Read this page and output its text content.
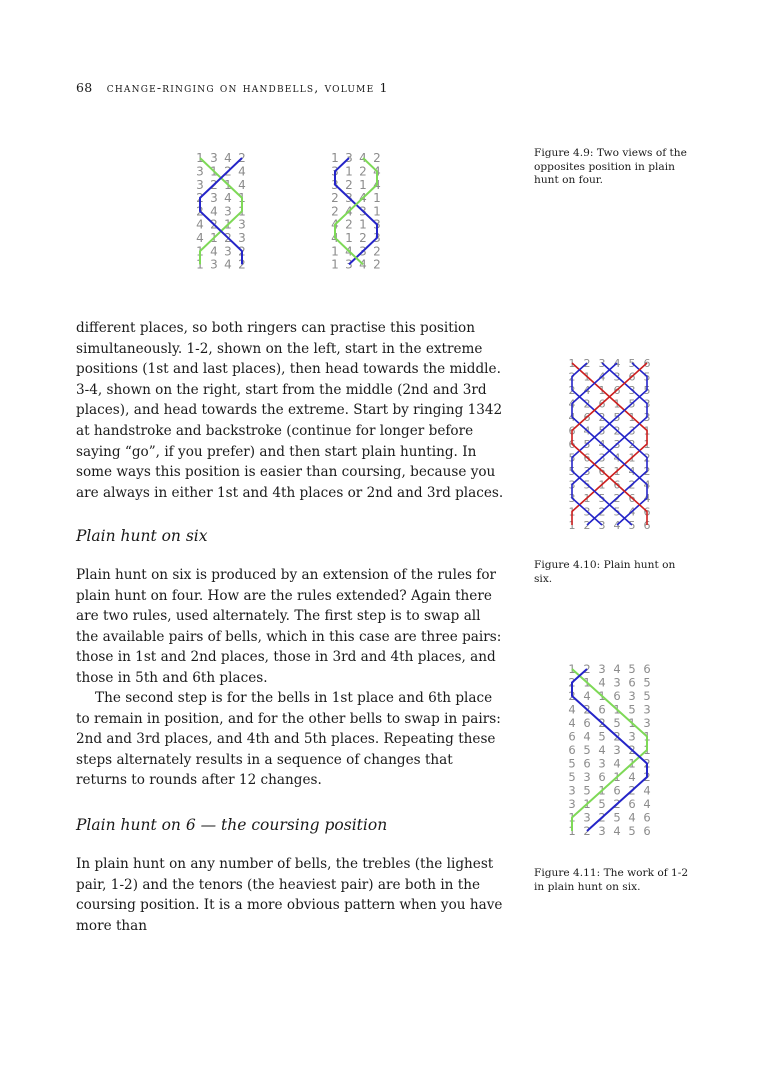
68 change-ringing on handbells, volume 1
1 3 4 2
3 1 2 4
3 2 1 4
2 3 4 1
2 4 3 1
4 2 1 3
4 1 2 3
1 4 3 2
1 3 4 2
1 3 4 2
3 1 2 4
3 2 1 4
2 3 4 1
2 4 3 1
4 2 1 3
4 1 2 3
1 4 3 2
1 3 4 2

Figure 4.9: Two views of the opposites position in plain hunt on four.

1 2 3 4 5 6
2 1 4 3 6 5
2 4 1 6 3 5
4 2 6 1 5 3
4 6 2 5 1 3
6 4 5 2 3 1
6 5 4 3 2 1
5 6 3 4 1 2
5 3 6 1 4 2
3 5 1 6 2 4
3 1 5 2 6 4
1 3 2 5 4 6
1 2 3 4 5 6

Figure 4.10: Plain hunt on six.

1 2 3 4 5 6
2 1 4 3 6 5
2 4 1 6 3 5
4 2 6 1 5 3
4 6 2 5 1 3
6 4 5 2 3 1
6 5 4 3 2 1
5 6 3 4 1 2
5 3 6 1 4 2
3 5 1 6 2 4
3 1 5 2 6 4
1 3 2 5 4 6
1 2 3 4 5 6

Figure 4.11: The work of 1-2 in plain hunt on six.

different places, so both ringers can practise this position simultaneously. 1-2, shown on the left, start in the extreme positions (1st and last places), then head towards the middle. 3-4, shown on the right, start from the middle (2nd and 3rd places), and head towards the extreme. Start by ringing 1342 at handstroke and backstroke (continue for longer before saying “go”, if you prefer) and then start plain hunting. In some ways this position is easier than coursing, because you are always in either 1st and 4th places or 2nd and 3rd places.

Plain hunt on six

Plain hunt on six is produced by an extension of the rules for plain hunt on four. How are the rules extended? Again there are two rules, used alternately. The first step is to swap all the available pairs of bells, which in this case are three pairs: those in 1st and 2nd places, those in 3rd and 4th places, and those in 5th and 6th places.

The second step is for the bells in 1st place and 6th place to remain in position, and for the other bells to swap in pairs: 2nd and 3rd places, and 4th and 5th places. Repeating these steps alternately results in a sequence of changes that returns to rounds after 12 changes.

Plain hunt on 6 — the coursing position

In plain hunt on any number of bells, the trebles (the lighest pair, 1-2) and the tenors (the heaviest pair) are both in the coursing position. It is a more obvious pattern when you have more than
